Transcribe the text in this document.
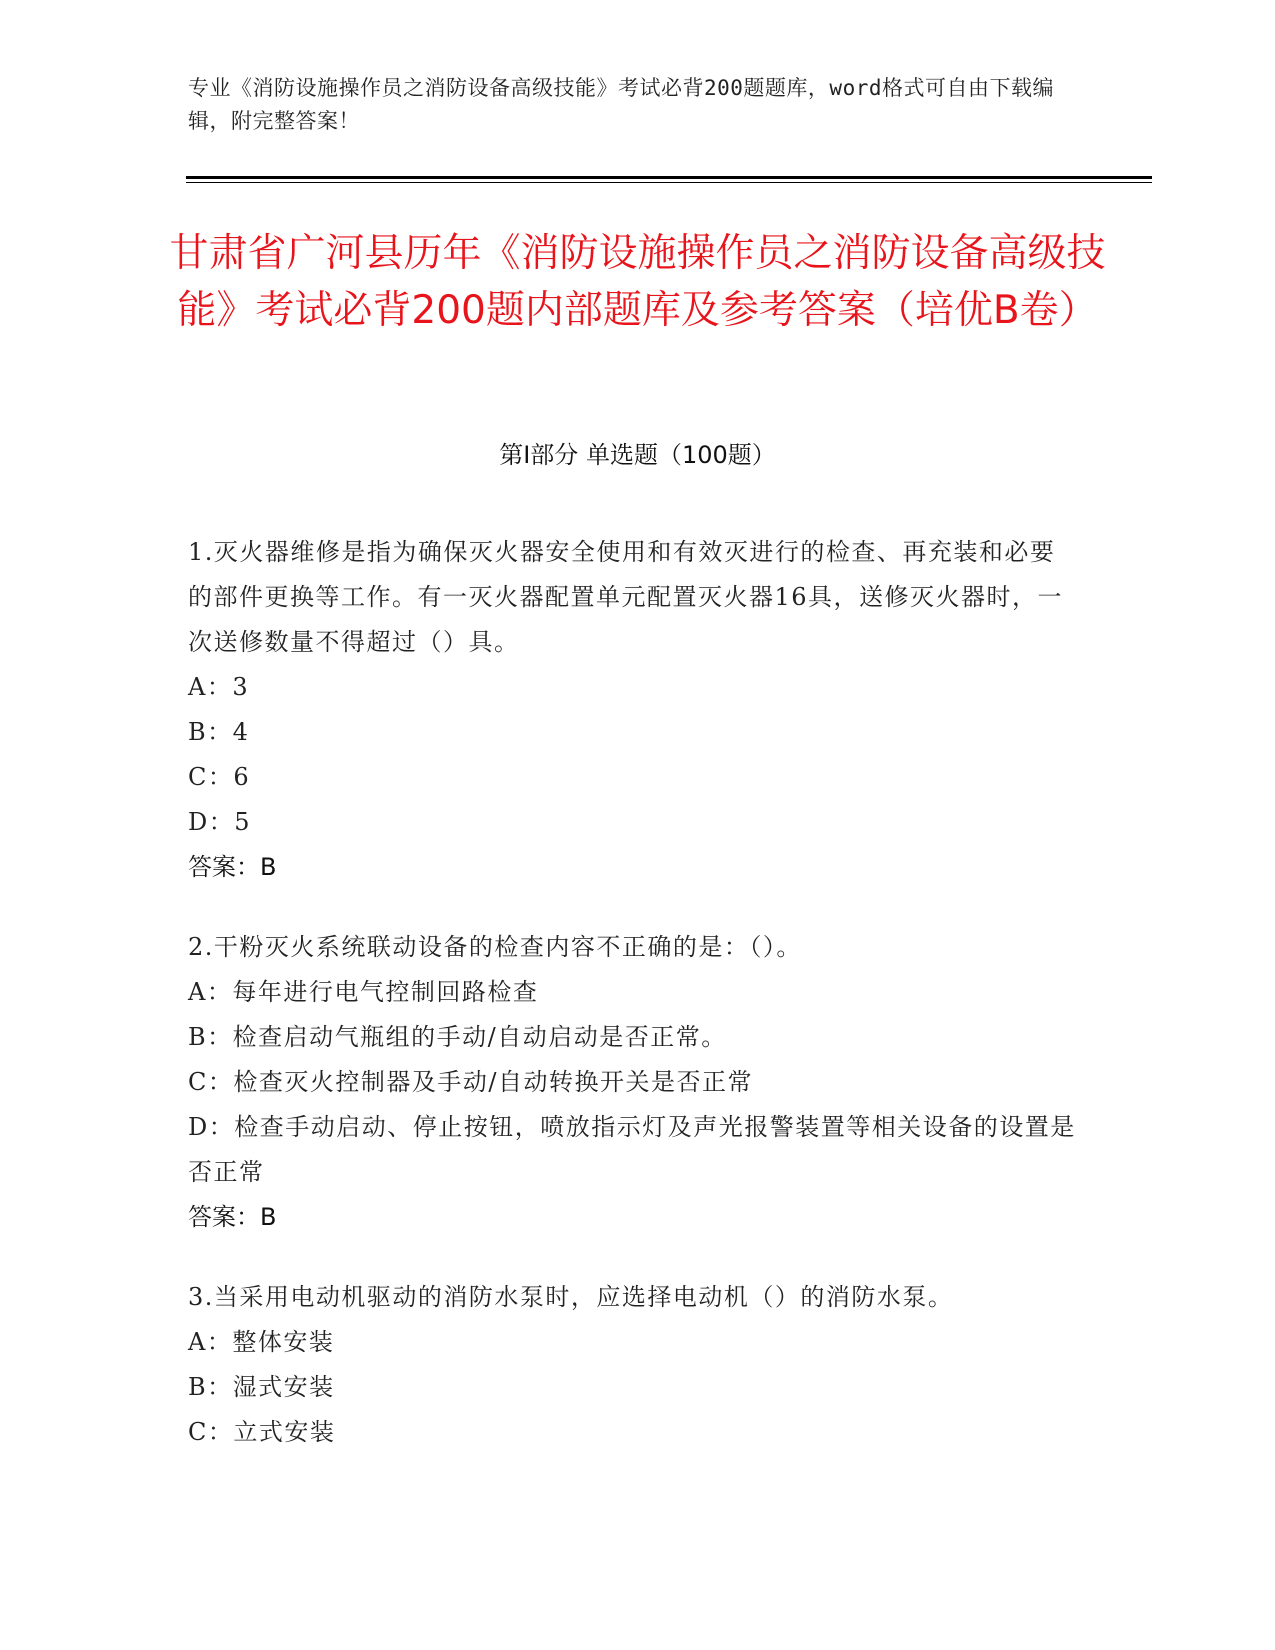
专业《消防设施操作员之消防设备高级技能》考试必背200题题库，word格式可自由下载编辑，附完整答案！
甘肃省广河县历年《消防设施操作员之消防设备高级技能》考试必背200题内部题库及参考答案（培优B卷）
第I部分 单选题（100题）
1.灭火器维修是指为确保灭火器安全使用和有效灭进行的检查、再充装和必要的部件更换等工作。有一灭火器配置单元配置灭火器16具，送修灭火器时，一次送修数量不得超过（）具。
A：3
B：4
C：6
D：5
答案：B
2.干粉灭火系统联动设备的检查内容不正确的是：（）。
A：每年进行电气控制回路检查
B：检查启动气瓶组的手动/自动启动是否正常。
C：检查灭火控制器及手动/自动转换开关是否正常
D：检查手动启动、停止按钮，喷放指示灯及声光报警装置等相关设备的设置是否正常
答案：B
3.当采用电动机驱动的消防水泵时，应选择电动机（）的消防水泵。
A：整体安装
B：湿式安装
C：立式安装
